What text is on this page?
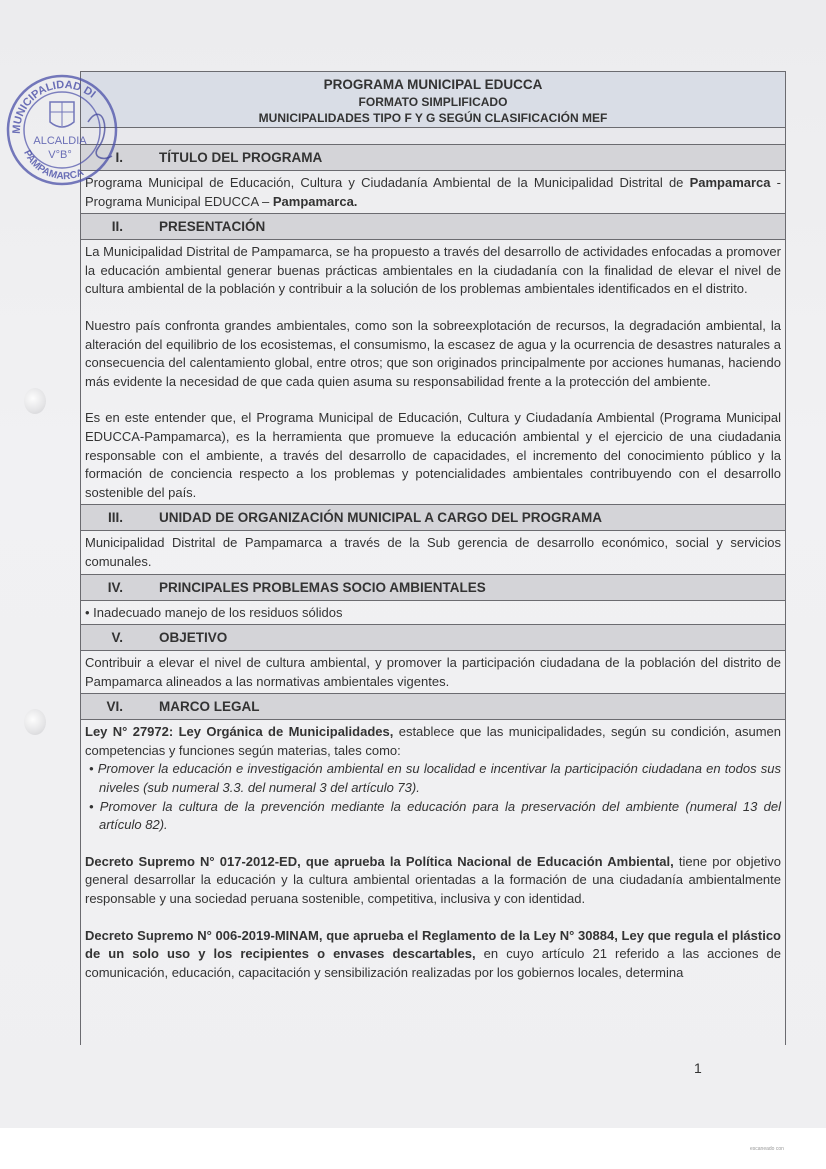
PROGRAMA MUNICIPAL EDUCCA
FORMATO SIMPLIFICADO
MUNICIPALIDADES TIPO F Y G SEGÚN CLASIFICACIÓN MEF
I.	TÍTULO DEL PROGRAMA

Programa Municipal de Educación, Cultura y Ciudadanía Ambiental de la Municipalidad Distrital de Pampamarca - Programa Municipal EDUCCA – Pampamarca.

II.	PRESENTACIÓN

La Municipalidad Distrital de Pampamarca, se ha propuesto a través del desarrollo de actividades enfocadas a promover la educación ambiental generar buenas prácticas ambientales en la ciudadanía con la finalidad de elevar el nivel de cultura ambiental de la población y contribuir a la solución de los problemas ambientales identificados en el distrito.

Nuestro país confronta grandes ambientales, como son la sobreexplotación de recursos, la degradación ambiental, la alteración del equilibrio de los ecosistemas, el consumismo, la escasez de agua y la ocurrencia de desastres naturales a consecuencia del calentamiento global, entre otros; que son originados principalmente por acciones humanas, haciendo más evidente la necesidad de que cada quien asuma su responsabilidad frente a la protección del ambiente.

Es en este entender que, el Programa Municipal de Educación, Cultura y Ciudadanía Ambiental (Programa Municipal EDUCCA-Pampamarca), es la herramienta que promueve la educación ambiental y el ejercicio de una ciudadania responsable con el ambiente, a través del desarrollo de capacidades, el incremento del conocimiento público y la formación de conciencia respecto a los problemas y potencialidades ambientales contribuyendo con el desarrollo sostenible del país.

III.	UNIDAD DE ORGANIZACIÓN MUNICIPAL A CARGO DEL PROGRAMA

Municipalidad Distrital de Pampamarca a través de la Sub gerencia de desarrollo económico, social y servicios comunales.

IV.	PRINCIPALES PROBLEMAS SOCIO AMBIENTALES

• Inadecuado manejo de los residuos sólidos

V.	OBJETIVO

Contribuir a elevar el nivel de cultura ambiental, y promover la participación ciudadana de la población del distrito de Pampamarca alineados a las normativas ambientales vigentes.

VI.	MARCO LEGAL

Ley N° 27972: Ley Orgánica de Municipalidades, establece que las municipalidades, según su condición, asumen competencias y funciones según materias, tales como:

• Promover la educación e investigación ambiental en su localidad e incentivar la participación ciudadana en todos sus niveles (sub numeral 3.3. del numeral 3 del artículo 73).

• Promover la cultura de la prevención mediante la educación para la preservación del ambiente (numeral 13 del artículo 82).

Decreto Supremo N° 017-2012-ED, que aprueba la Política Nacional de Educación Ambiental, tiene por objetivo general desarrollar la educación y la cultura ambiental orientadas a la formación de una ciudadanía ambientalmente responsable y una sociedad peruana sostenible, competitiva, inclusiva y con identidad.

Decreto Supremo N° 006-2019-MINAM, que aprueba el Reglamento de la Ley N° 30884, Ley que regula el plástico de un solo uso y los recipientes o envases descartables, en cuyo artículo 21 referido a las acciones de comunicación, educación, capacitación y sensibilización realizadas por los gobiernos locales, determina

MUNICIPALIDAD DI
PAMPAMARCA
ALCALDIA
V°B°
1
escaneado con
